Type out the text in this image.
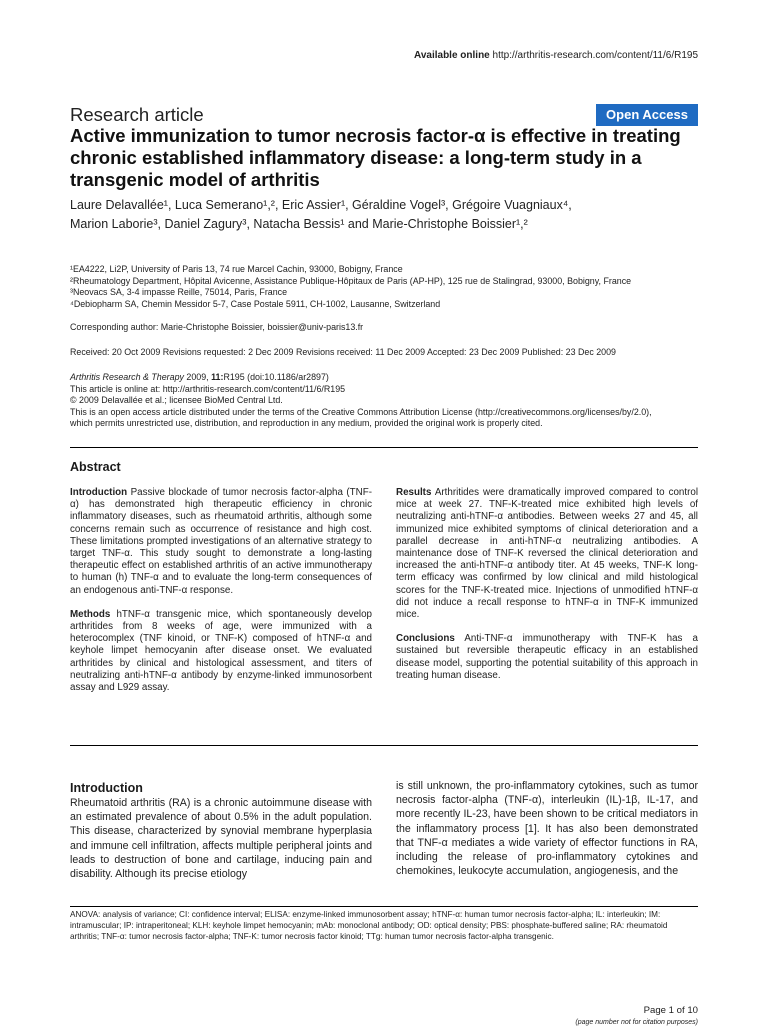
Available online http://arthritis-research.com/content/11/6/R195
Research article	Open Access
Active immunization to tumor necrosis factor-α is effective in treating chronic established inflammatory disease: a long-term study in a transgenic model of arthritis
Laure Delavallée¹, Luca Semerano¹,², Eric Assier¹, Géraldine Vogel³, Grégoire Vuagniaux⁴,
Marion Laborie³, Daniel Zagury³, Natacha Bessis¹ and Marie-Christophe Boissier¹,²
¹EA4222, Li2P, University of Paris 13, 74 rue Marcel Cachin, 93000, Bobigny, France
²Rheumatology Department, Hôpital Avicenne, Assistance Publique-Hôpitaux de Paris (AP-HP), 125 rue de Stalingrad, 93000, Bobigny, France
³Neovacs SA, 3-4 impasse Reille, 75014, Paris, France
⁴Debiopharm SA, Chemin Messidor 5-7, Case Postale 5911, CH-1002, Lausanne, Switzerland
Corresponding author: Marie-Christophe Boissier, boissier@univ-paris13.fr
Received: 20 Oct 2009 Revisions requested: 2 Dec 2009 Revisions received: 11 Dec 2009 Accepted: 23 Dec 2009 Published: 23 Dec 2009
Arthritis Research & Therapy 2009, 11:R195 (doi:10.1186/ar2897)
This article is online at: http://arthritis-research.com/content/11/6/R195
© 2009 Delavallée et al.; licensee BioMed Central Ltd.
This is an open access article distributed under the terms of the Creative Commons Attribution License (http://creativecommons.org/licenses/by/2.0),
which permits unrestricted use, distribution, and reproduction in any medium, provided the original work is properly cited.
Abstract

Introduction Passive blockade of tumor necrosis factor-alpha (TNF-α) has demonstrated high therapeutic efficiency in chronic inflammatory diseases, such as rheumatoid arthritis, although some concerns remain such as occurrence of resistance and high cost. These limitations prompted investigations of an alternative strategy to target TNF-α. This study sought to demonstrate a long-lasting therapeutic effect on established arthritis of an active immunotherapy to human (h) TNF-α and to evaluate the long-term consequences of an endogenous anti-TNF-α response.

Methods hTNF-α transgenic mice, which spontaneously develop arthritides from 8 weeks of age, were immunized with a heterocomplex (TNF kinoid, or TNF-K) composed of hTNF-α and keyhole limpet hemocyanin after disease onset. We evaluated arthritides by clinical and histological assessment, and titers of neutralizing anti-hTNF-α antibody by enzyme-linked immunosorbent assay and L929 assay.

Results Arthritides were dramatically improved compared to control mice at week 27. TNF-K-treated mice exhibited high levels of neutralizing anti-hTNF-α antibodies. Between weeks 27 and 45, all immunized mice exhibited symptoms of clinical deterioration and a parallel decrease in anti-hTNF-α neutralizing antibodies. A maintenance dose of TNF-K reversed the clinical deterioration and increased the anti-hTNF-α antibody titer. At 45 weeks, TNF-K long-term efficacy was confirmed by low clinical and mild histological scores for the TNF-K-treated mice. Injections of unmodified hTNF-α did not induce a recall response to hTNF-α in TNF-K immunized mice.

Conclusions Anti-TNF-α immunotherapy with TNF-K has a sustained but reversible therapeutic efficacy in an established disease model, supporting the potential suitability of this approach in treating human disease.

Introduction
Rheumatoid arthritis (RA) is a chronic autoimmune disease with an estimated prevalence of about 0.5% in the adult population. This disease, characterized by synovial membrane hyperplasia and immune cell infiltration, affects multiple peripheral joints and leads to destruction of bone and cartilage, inducing pain and disability. Although its precise etiology
is still unknown, the pro-inflammatory cytokines, such as tumor necrosis factor-alpha (TNF-α), interleukin (IL)-1β, IL-17, and more recently IL-23, have been shown to be critical mediators in the inflammatory process [1]. It has also been demonstrated that TNF-α mediates a wide variety of effector functions in RA, including the release of pro-inflammatory cytokines and chemokines, leukocyte accumulation, angiogenesis, and the
ANOVA: analysis of variance; CI: confidence interval; ELISA: enzyme-linked immunosorbent assay; hTNF-α: human tumor necrosis factor-alpha; IL: interleukin; IM: intramuscular; IP: intraperitoneal; KLH: keyhole limpet hemocyanin; mAb: monoclonal antibody; OD: optical density; PBS: phosphate-buffered saline; RA: rheumatoid arthritis; TNF-α: tumor necrosis factor-alpha; TNF-K: tumor necrosis factor kinoid; TTg: human tumor necrosis factor-alpha transgenic.
Page 1 of 10
(page number not for citation purposes)
